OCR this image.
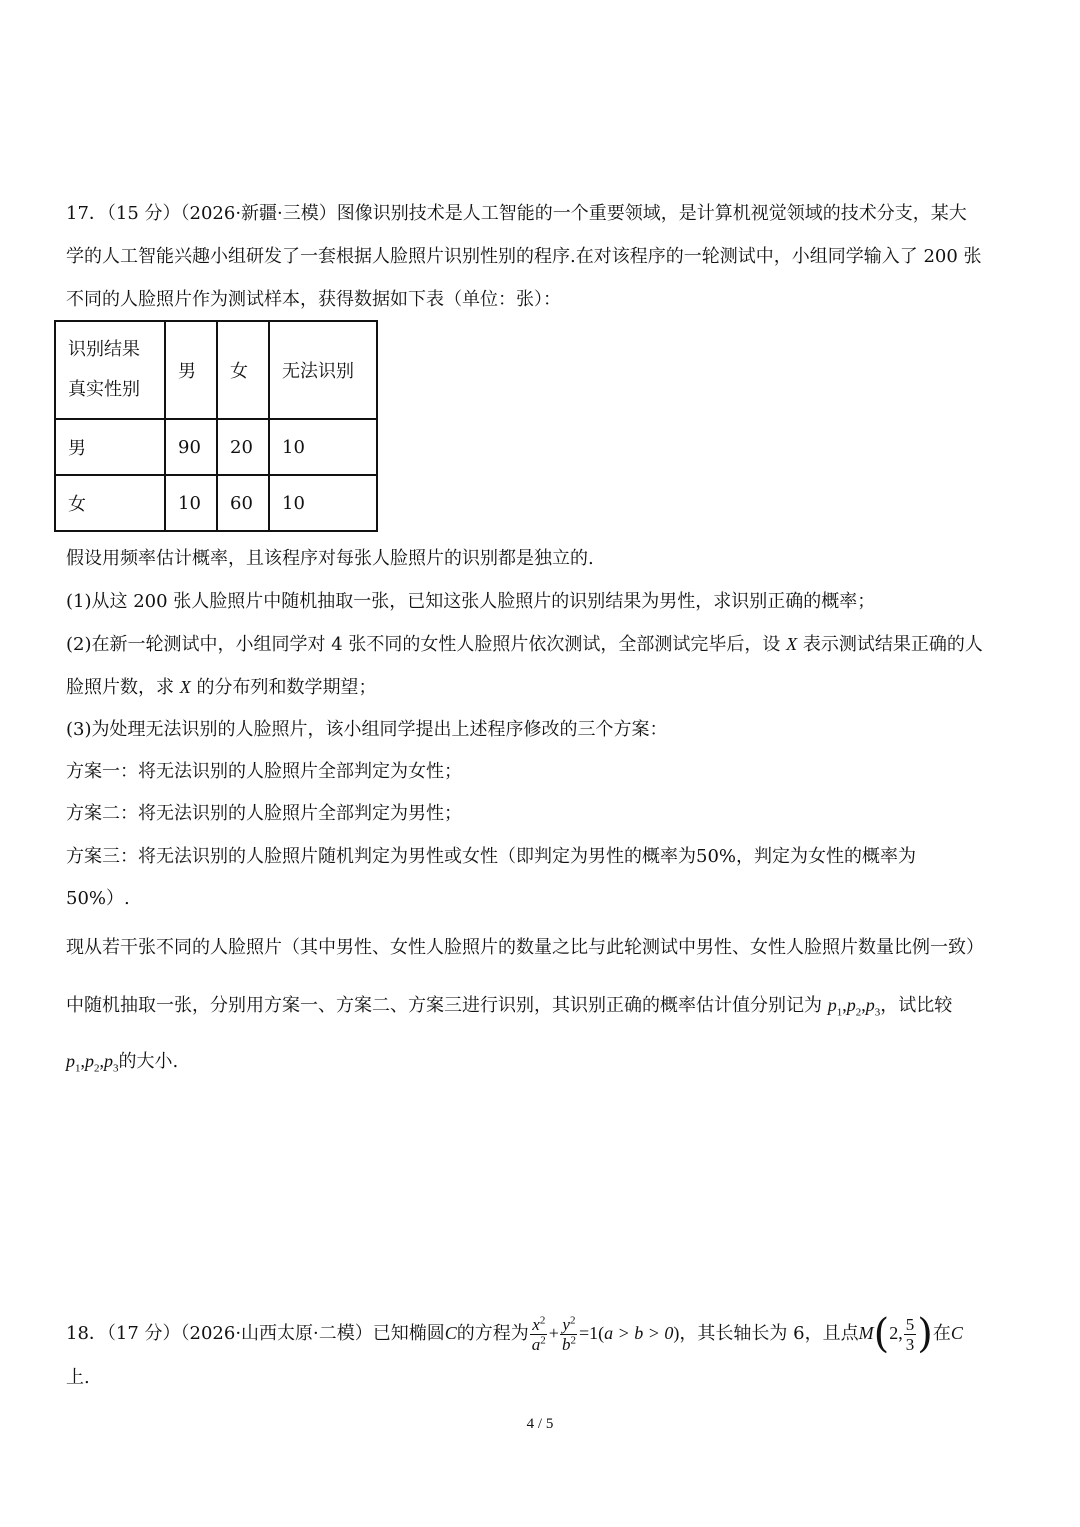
17．（15 分）（2026·新疆·三模）图像识别技术是人工智能的一个重要领域，是计算机视觉领域的技术分支，某大
学的人工智能兴趣小组研发了一套根据人脸照片识别性别的程序.在对该程序的一轮测试中，小组同学输入了 200 张
不同的人脸照片作为测试样本，获得数据如下表（单位：张）：
识别结果
真实性别	男	女	无法识别
男	90	20	10
女	10	60	10
假设用频率估计概率，且该程序对每张人脸照片的识别都是独立的.
(1)从这 200 张人脸照片中随机抽取一张，已知这张人脸照片的识别结果为男性，求识别正确的概率；
(2)在新一轮测试中，小组同学对 4 张不同的女性人脸照片依次测试，全部测试完毕后，设 X 表示测试结果正确的人
脸照片数，求 X 的分布列和数学期望；
(3)为处理无法识别的人脸照片，该小组同学提出上述程序修改的三个方案：
方案一：将无法识别的人脸照片全部判定为女性；
方案二：将无法识别的人脸照片全部判定为男性；
方案三：将无法识别的人脸照片随机判定为男性或女性（即判定为男性的概率为50%，判定为女性的概率为
50%）.
现从若干张不同的人脸照片（其中男性、女性人脸照片的数量之比与此轮测试中男性、女性人脸照片数量比例一致）
中随机抽取一张，分别用方案一、方案二、方案三进行识别，其识别正确的概率估计值分别记为 $p_1,p_2,p_3$，试比较
$p_1,p_2,p_3$的大小.
18．（17 分）（2026·山西太原·二模）已知椭圆C的方程为 $\frac{x^2}{a^2} + \frac{y^2}{b^2} =1(a > b > 0)$，其长轴长为 6，且点M(2, $\frac{5}{3}$ )在C
上.
4 / 5
